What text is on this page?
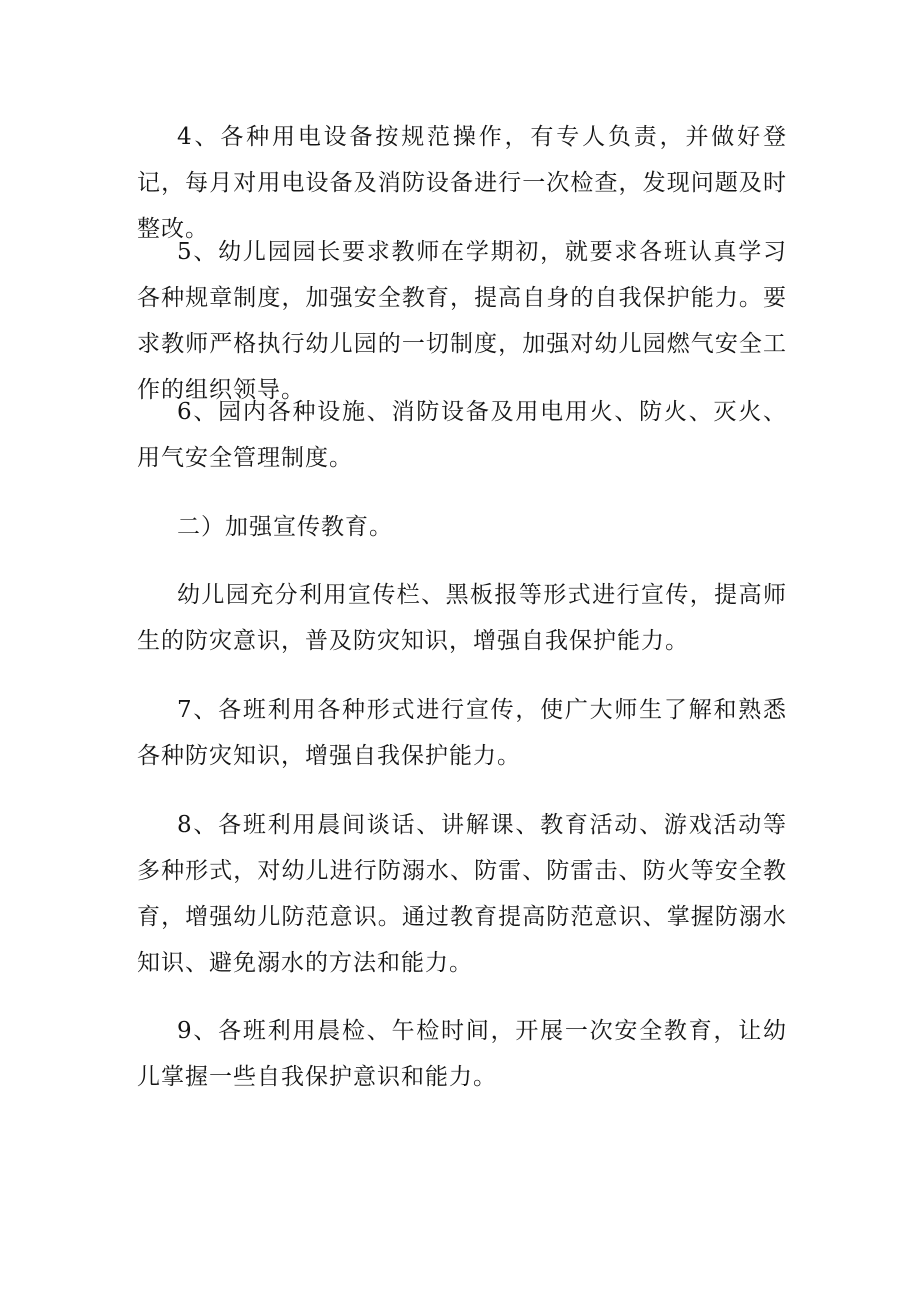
4、各种用电设备按规范操作，有专人负责，并做好登记，每月对用电设备及消防设备进行一次检查，发现问题及时整改。

5、幼儿园园长要求教师在学期初，就要求各班认真学习各种规章制度，加强安全教育，提高自身的自我保护能力。要求教师严格执行幼儿园的一切制度，加强对幼儿园燃气安全工作的组织领导。

6、园内各种设施、消防设备及用电用火、防火、灭火、用气安全管理制度。

二）加强宣传教育。

幼儿园充分利用宣传栏、黑板报等形式进行宣传，提高师生的防灾意识，普及防灾知识，增强自我保护能力。

7、各班利用各种形式进行宣传，使广大师生了解和熟悉各种防灾知识，增强自我保护能力。

8、各班利用晨间谈话、讲解课、教育活动、游戏活动等多种形式，对幼儿进行防溺水、防雷、防雷击、防火等安全教育，增强幼儿防范意识。通过教育提高防范意识、掌握防溺水知识、避免溺水的方法和能力。

9、各班利用晨检、午检时间，开展一次安全教育，让幼儿掌握一些自我保护意识和能力。
